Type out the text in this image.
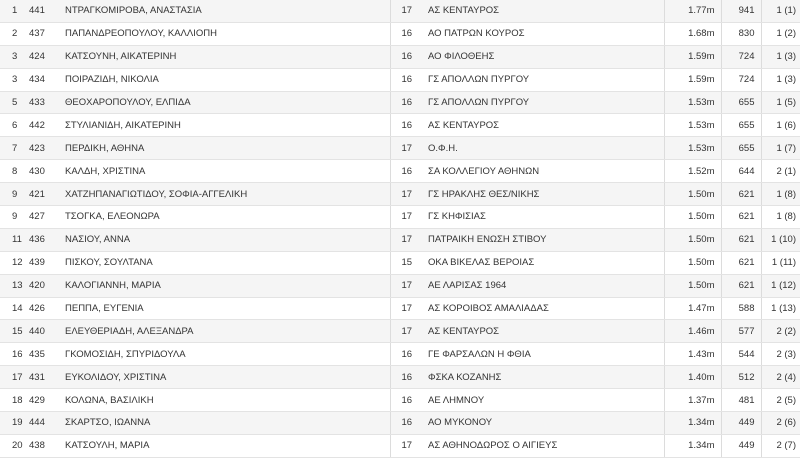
1	441	ΝΤΡΑΓΚΟΜΙΡΟΒΑ, ΑΝΑΣΤΑΣΙΑ	17	ΑΣ ΚΕΝΤΑΥΡΟΣ	1.77m	941	1 (1)
2	437	ΠΑΠΑΝΔΡΕΟΠΟΥΛΟΥ, ΚΑΛΛΙΟΠΗ	16	ΑΟ ΠΑΤΡΩΝ ΚΟΥΡΟΣ	1.68m	830	1 (2)
3	424	ΚΑΤΣΟΥΝΗ, ΑΙΚΑΤΕΡΙΝΗ	16	ΑΟ ΦΙΛΟΘΕΗΣ	1.59m	724	1 (3)
3	434	ΠΟΙΡΑΖΙΔΗ, ΝΙΚΟΛΙΑ	16	ΓΣ ΑΠΟΛΛΩΝ ΠΥΡΓΟΥ	1.59m	724	1 (3)
5	433	ΘΕΟΧΑΡΟΠΟΥΛΟΥ, ΕΛΠΙΔΑ	16	ΓΣ ΑΠΟΛΛΩΝ ΠΥΡΓΟΥ	1.53m	655	1 (5)
6	442	ΣΤΥΛΙΑΝΙΔΗ, ΑΙΚΑΤΕΡΙΝΗ	16	ΑΣ ΚΕΝΤΑΥΡΟΣ	1.53m	655	1 (6)
7	423	ΠΕΡΔΙΚΗ, ΑΘΗΝΑ	17	Ο.Φ.Η.	1.53m	655	1 (7)
8	430	ΚΑΛΔΗ, ΧΡΙΣΤΙΝΑ	16	ΣΑ ΚΟΛΛΕΓΙΟΥ ΑΘΗΝΩΝ	1.52m	644	2 (1)
9	421	ΧΑΤΖΗΠΑΝΑΓΙΩΤΙΔΟΥ, ΣΟΦΙΑ-ΑΓΓΕΛΙΚΗ	17	ΓΣ ΗΡΑΚΛΗΣ ΘΕΣ/ΝΙΚΗΣ	1.50m	621	1 (8)
9	427	ΤΣΟΓΚΑ, ΕΛΕΟΝΩΡΑ	17	ΓΣ ΚΗΦΙΣΙΑΣ	1.50m	621	1 (8)
11	436	ΝΑΣΙΟΥ, ΑΝΝΑ	17	ΠΑΤΡΑΙΚΗ ΕΝΩΣΗ ΣΤΙΒΟΥ	1.50m	621	1 (10)
12	439	ΠΙΣΚΟΥ, ΣΟΥΛΤΑΝΑ	15	ΟΚΑ ΒΙΚΕΛΑΣ ΒΕΡΟΙΑΣ	1.50m	621	1 (11)
13	420	ΚΑΛΟΓΙΑΝΝΗ, ΜΑΡΙΑ	17	ΑΕ ΛΑΡΙΣΑΣ 1964	1.50m	621	1 (12)
14	426	ΠΕΠΠΑ, ΕΥΓΕΝΙΑ	17	ΑΣ ΚΟΡΟΙΒΟΣ ΑΜΑΛΙΑΔΑΣ	1.47m	588	1 (13)
15	440	ΕΛΕΥΘΕΡΙΑΔΗ, ΑΛΕΞΑΝΔΡΑ	17	ΑΣ ΚΕΝΤΑΥΡΟΣ	1.46m	577	2 (2)
16	435	ΓΚΟΜΟΣΙΔΗ, ΣΠΥΡΙΔΟΥΛΑ	16	ΓΕ ΦΑΡΣΑΛΩΝ Η ΦΘΙΑ	1.43m	544	2 (3)
17	431	ΕΥΚΟΛΙΔΟΥ, ΧΡΙΣΤΙΝΑ	16	ΦΣΚΑ ΚΟΖΑΝΗΣ	1.40m	512	2 (4)
18	429	ΚΟΛΩΝΑ, ΒΑΣΙΛΙΚΗ	16	ΑΕ ΛΗΜΝΟΥ	1.37m	481	2 (5)
19	444	ΣΚΑΡΤΣΟ, ΙΩΑΝΝΑ	16	ΑΟ ΜΥΚΟΝΟΥ	1.34m	449	2 (6)
20	438	ΚΑΤΣΟΥΛΗ, ΜΑΡΙΑ	17	ΑΣ ΑΘΗΝΟΔΩΡΟΣ Ο ΑΙΓΙΕΥΣ	1.34m	449	2 (7)
